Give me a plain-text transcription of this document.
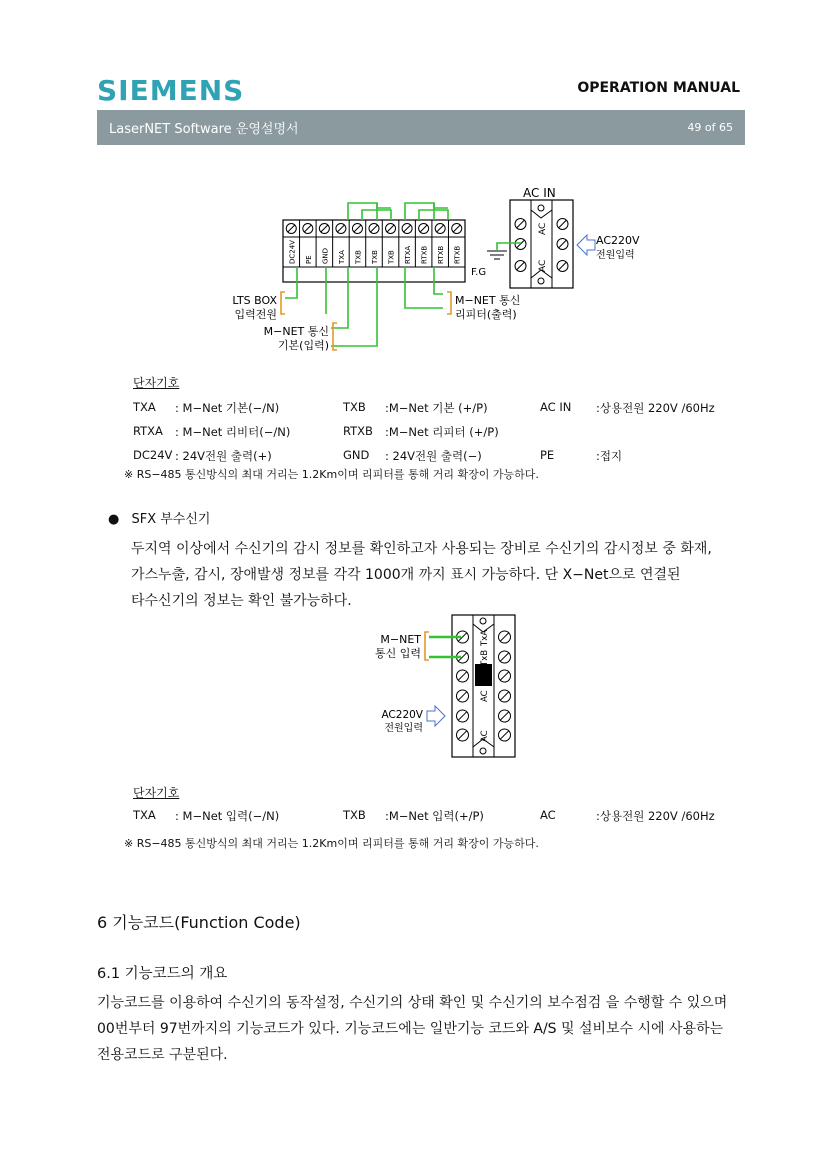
SIEMENS	OPERATION MANUAL
LaserNET Software 운영설명서	49 of 65
DC24V PE GND TXA TXB TXB TXB RTXA RTXB RTXB RTXB
AC
AC
AC IN
F.G
AC220V
전원입력
LTS BOX
입력전원
M−NET 통신
기본(입력)
M−NET 통신
리피터(출력)
단자기호
TXA	: M−Net 기본(−/N)	TXB	:M−Net 기본 (+/P)	AC IN	:상용전원 220V /60Hz
RTXA	: M−Net 리비터(−/N)	RTXB	:M−Net 리피터 (+/P)
DC24V : 24V전원 출력(+)	GND	: 24V전원 출력(−)	PE	:접지
※ RS−485 통신방식의 최대 거리는 1.2Km이며 리피터를 통해 거리 확장이 가능하다.
● SFX 부수신기
두지역 이상에서 수신기의 감시 정보를 확인하고자 사용되는 장비로 수신기의 감시정보 중 화재,
가스누출, 감시, 장애발생 정보를 각각 1000개 까지 표시 가능하다. 단 X−Net으로 연결된
타수신기의 정보는 확인 불가능하다.
TxA
TxB
AC
AC
M−NET
통신 입력
AC220V
전원입력
단자기호
TXA	: M−Net 입력(−/N)	TXB	:M−Net 입력(+/P)	AC	:상용전원 220V /60Hz
※ RS−485 통신방식의 최대 거리는 1.2Km이며 리피터를 통해 거리 확장이 가능하다.
6 기능코드(Function Code)
6.1 기능코드의 개요
기능코드를 이용하여 수신기의 동작설정, 수신기의 상태 확인 및 수신기의 보수점검 을 수행할 수 있으며
00번부터 97번까지의 기능코드가 있다. 기능코드에는 일반기능 코드와 A/S 및 설비보수 시에 사용하는
전용코드로 구분된다.
